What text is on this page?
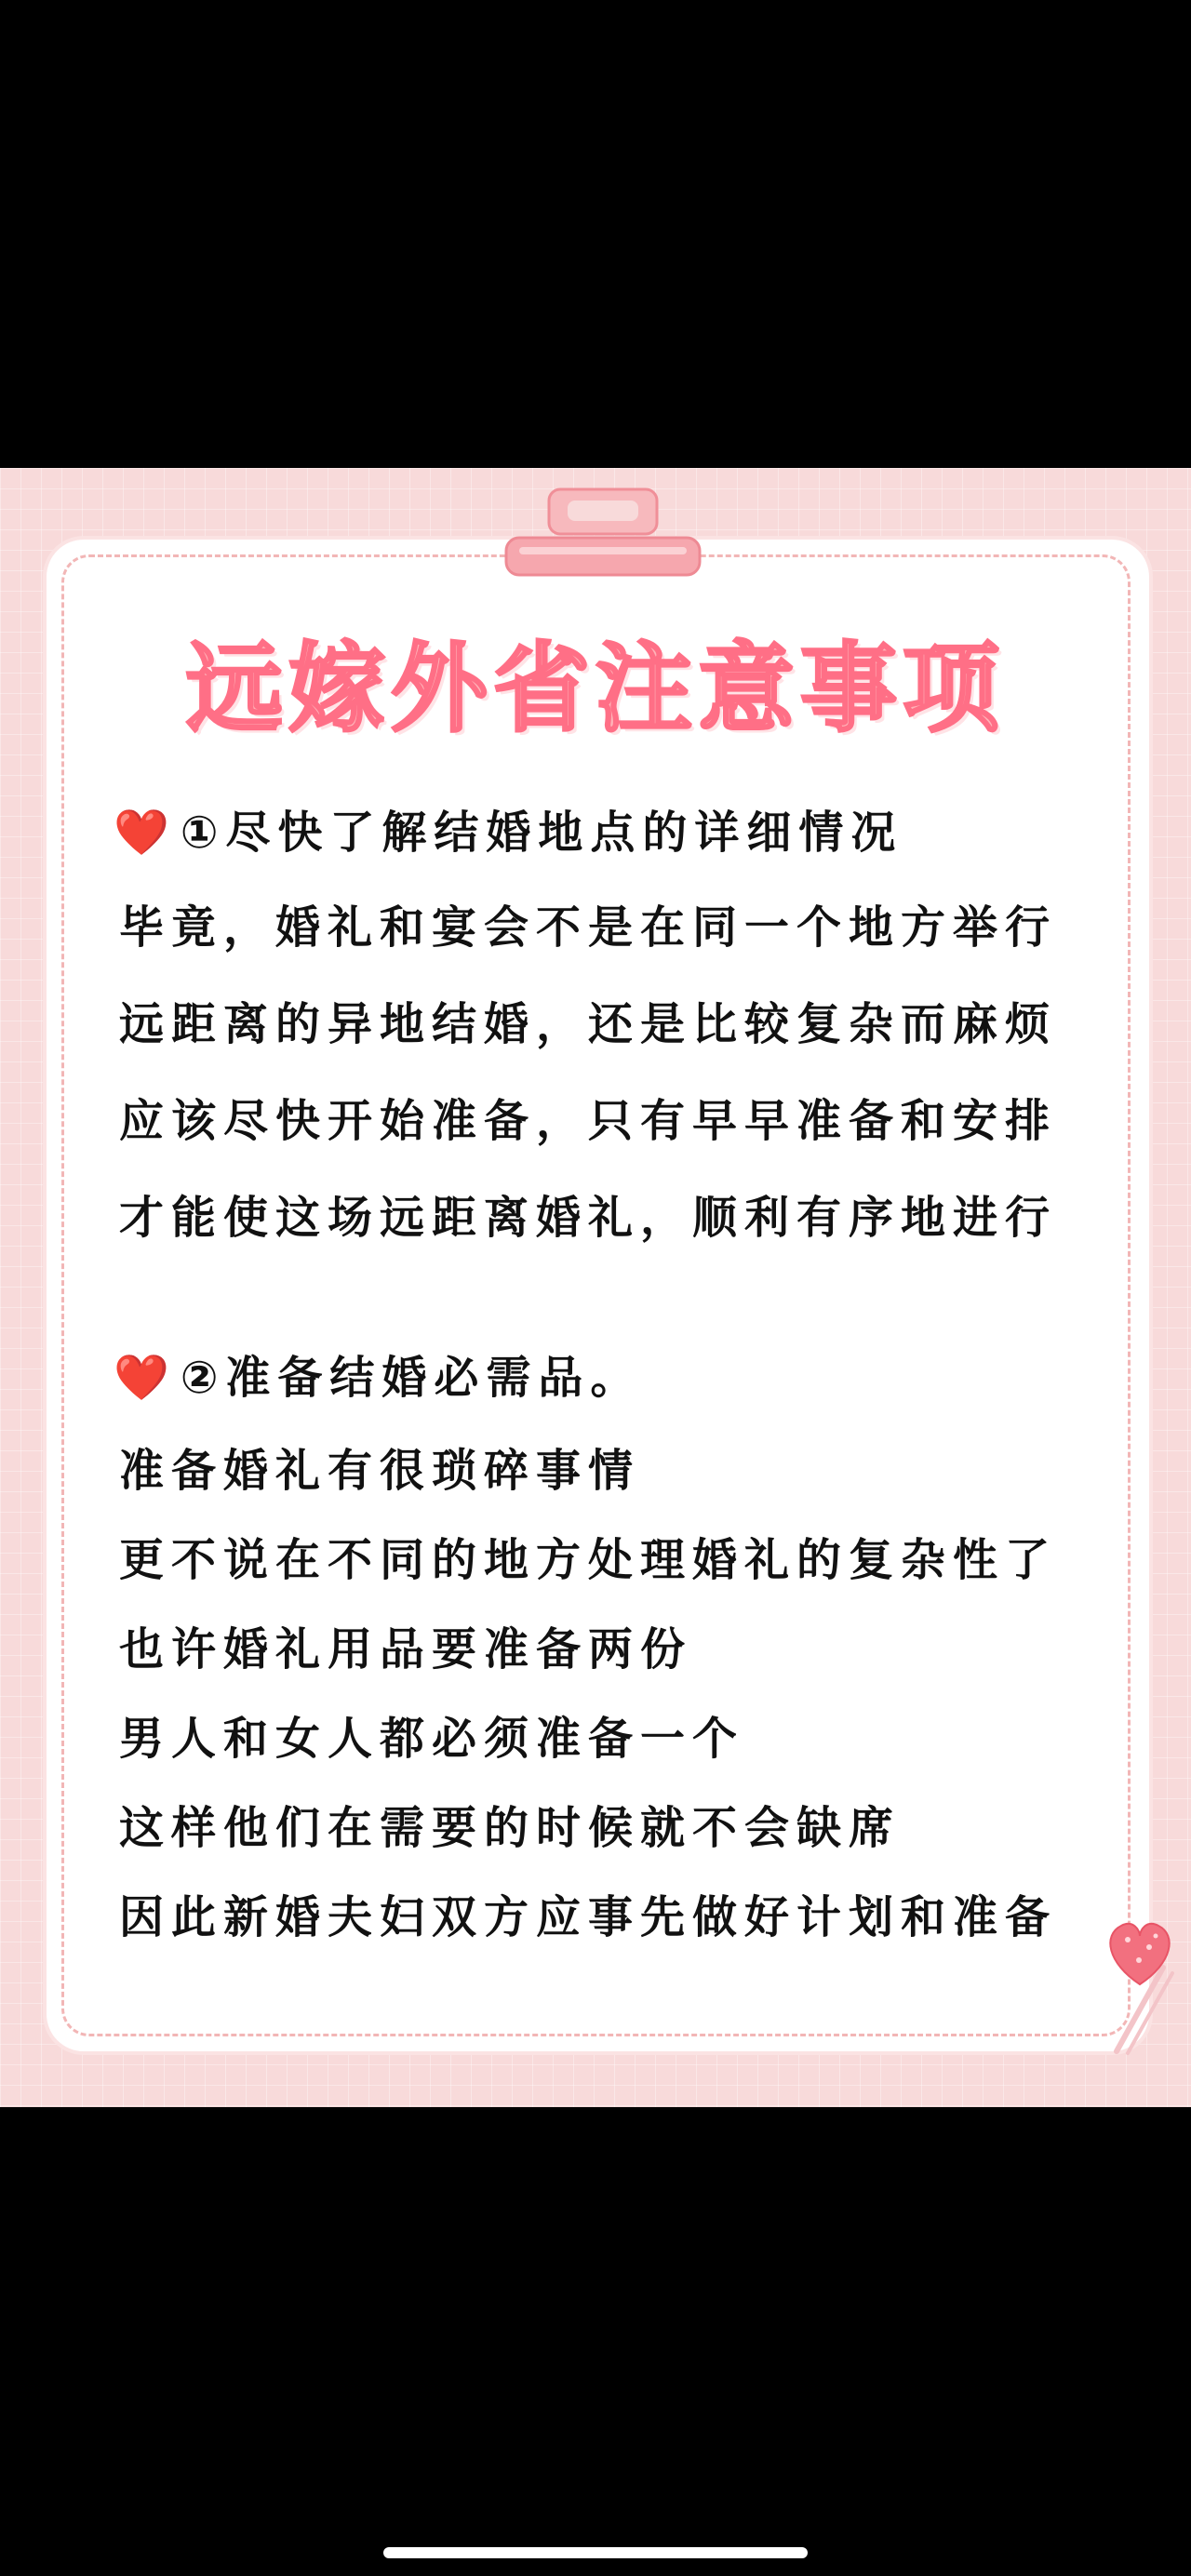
远嫁外省注意事项
❤️①尽快了解结婚地点的详细情况
毕竟，婚礼和宴会不是在同一个地方举行
远距离的异地结婚，还是比较复杂而麻烦
应该尽快开始准备，只有早早准备和安排
才能使这场远距离婚礼，顺利有序地进行
❤️②准备结婚必需品。
准备婚礼有很琐碎事情
更不说在不同的地方处理婚礼的复杂性了
也许婚礼用品要准备两份
男人和女人都必须准备一个
这样他们在需要的时候就不会缺席
因此新婚夫妇双方应事先做好计划和准备
